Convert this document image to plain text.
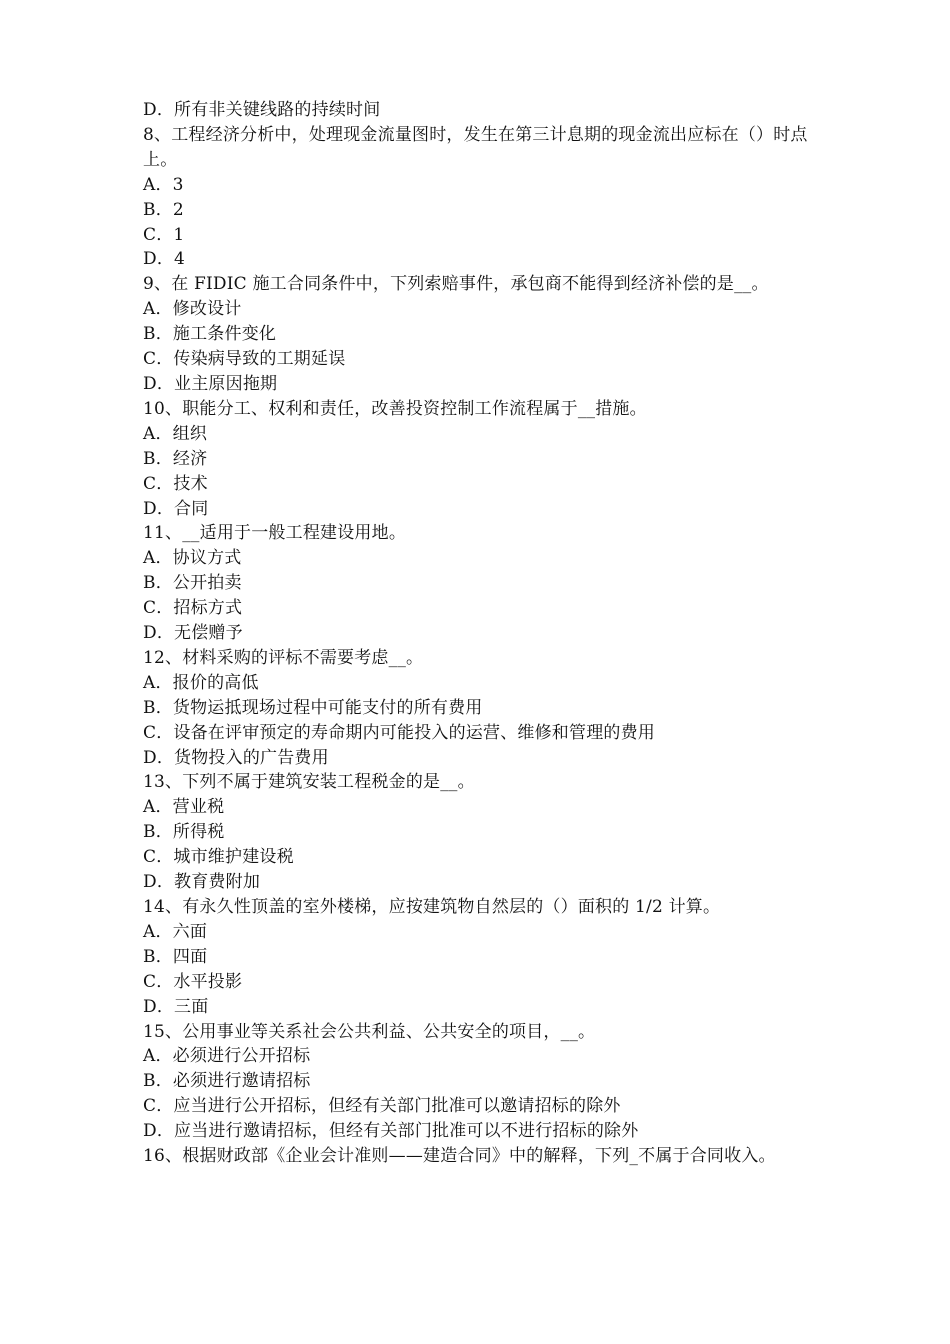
D．所有非关键线路的持续时间
8、工程经济分析中，处理现金流量图时，发生在第三计息期的现金流出应标在（）时点上。
A．3
B．2
C．1
D．4
9、在 FIDIC 施工合同条件中，下列索赔事件，承包商不能得到经济补偿的是__。
A．修改设计
B．施工条件变化
C．传染病导致的工期延误
D．业主原因拖期
10、职能分工、权利和责任，改善投资控制工作流程属于__措施。
A．组织
B．经济
C．技术
D．合同
11、__适用于一般工程建设用地。
A．协议方式
B．公开拍卖
C．招标方式
D．无偿赠予
12、材料采购的评标不需要考虑__。
A．报价的高低
B．货物运抵现场过程中可能支付的所有费用
C．设备在评审预定的寿命期内可能投入的运营、维修和管理的费用
D．货物投入的广告费用
13、下列不属于建筑安装工程税金的是__。
A．营业税
B．所得税
C．城市维护建设税
D．教育费附加
14、有永久性顶盖的室外楼梯，应按建筑物自然层的（）面积的 1/2 计算。
A．六面
B．四面
C．水平投影
D．三面
15、公用事业等关系社会公共利益、公共安全的项目，__。
A．必须进行公开招标
B．必须进行邀请招标
C．应当进行公开招标，但经有关部门批准可以邀请招标的除外
D．应当进行邀请招标，但经有关部门批准可以不进行招标的除外
16、根据财政部《企业会计准则——建造合同》中的解释，下列_不属于合同收入。
